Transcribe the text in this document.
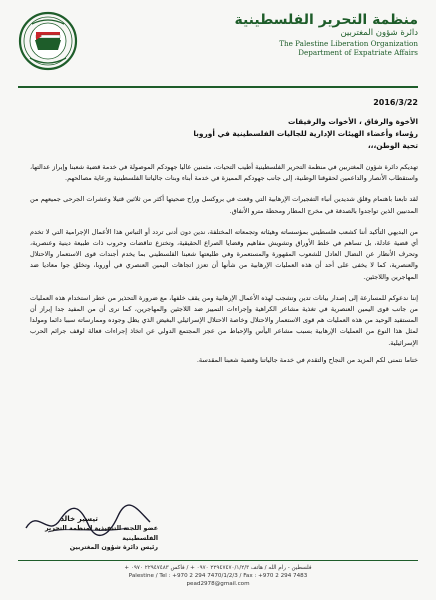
منظمة التحرير الفلسطينية
دائرة شؤون المغتربين
The Palestine Liberation Organization
Department of Expatriate Affairs
2016/3/22
الأخوة والرفاق ، الأخوات والرفيقات
رؤساء وأعضاء الهيئات الإدارية للجاليات الفلسطينية في أوروبا
تحية الوطن،،،

تهديكم دائرة شؤون المغتربين في منظمة التحرير الفلسطينية أطيب التحيات، مثمنين عاليا جهودكم الموصولة في خدمة قضية شعبنا وإبراز عدالتها، واستقطاب الأنصار والداعمين لحقوقنا الوطنية، إلى جانب جهودكم المميزة في خدمة أبناء وبنات جالياتنا الفلسطينية ورعاية مصالحهم.

لقد تابعنا باهتمام وقلق شديدين أنباء التفجيرات الإرهابية التي وقعت في بروكسل وراح ضحيتها أكثر من ثلاثين قتيلا وعشرات الجرحى جميعهم من المدنيين الذين تواجدوا بالصدفة في مخرج المطار ومحطة مترو الأنفاق.

من البديهي التأكيد أننا كشعب فلسطيني بمؤسساته وهيئاته وتجمعاته المختلفة، ندين دون أدنى تردد أو التباس هذا الأعمال الإجرامية التي لا تخدم أي قضية عادلة، بل تساهم في خلط الأوراق وتشويش مفاهيم وقضايا الصراع الحقيقية، وتختزع تناقضات وحروب ذات طبيعة دينية وعنصرية، وتحرف الأنظار عن النضال العادل للشعوب المقهورة والمستعمرة وفي طليعتها شعبنا الفلسطيني بما يخدم أجندات قوى الاستعمار والاحتلال والعنصرية، كما لا يخفى على أحد أن هذه العمليات الإرهابية من شأنها أن تعزز اتجاهات اليمين العنصري في أوروبا، وتخلق جوا معاديا ضد المهاجرين واللاجئين.

إننا ندعوكم للمسارعة إلى إصدار بيانات تدين وتشجب لهذه الأعمال الإرهابية ومن يقف خلفها، مع ضرورة التحذير من خطر استخدام هذه العمليات من جانب قوى اليمين العنصرية في تغذية مشاعر الكراهية وإجراءات التمييز ضد اللاجئين والمهاجرين، كما نرى أن من المفيد جدا إبراز أن المستفيد الوحيد من هذه العمليات هم قوى الاستعمار والاحتلال وخاصة الاحتلال الإسرائيلي البغيض الذي يظل وجوده وممارساته سببا دائما ومولدا لمثل هذا النوع من العمليات الإرهابية بسبب مشاعر اليأس والإحباط من عجز المجتمع الدولي عن اتخاذ إجراءات فعالة لوقف جرائم الحرب الإسرائيلية.

ختاما نتمنى لكم المزيد من النجاح والتقدم في خدمة جالياتنا وقضية شعبنا المقدسة.

تيسير خالد
عضو اللجنة التنفيذية لمنظمة التحرير الفلسطينية
رئيس دائرة شؤون المغتربين
فلسطين - رام الله / هاتف ٢٢٩٤٧٤٧٠/١/٢/٣ ٠٩٧٠ + / فاكس ٢٢٩٤٧٤٨٣ ٠٩٧٠ +
Palestine / Tel : +970 2 294 7470/1/2/3 / Fax : +970 2 294 7483
pead2978@gmail.com
